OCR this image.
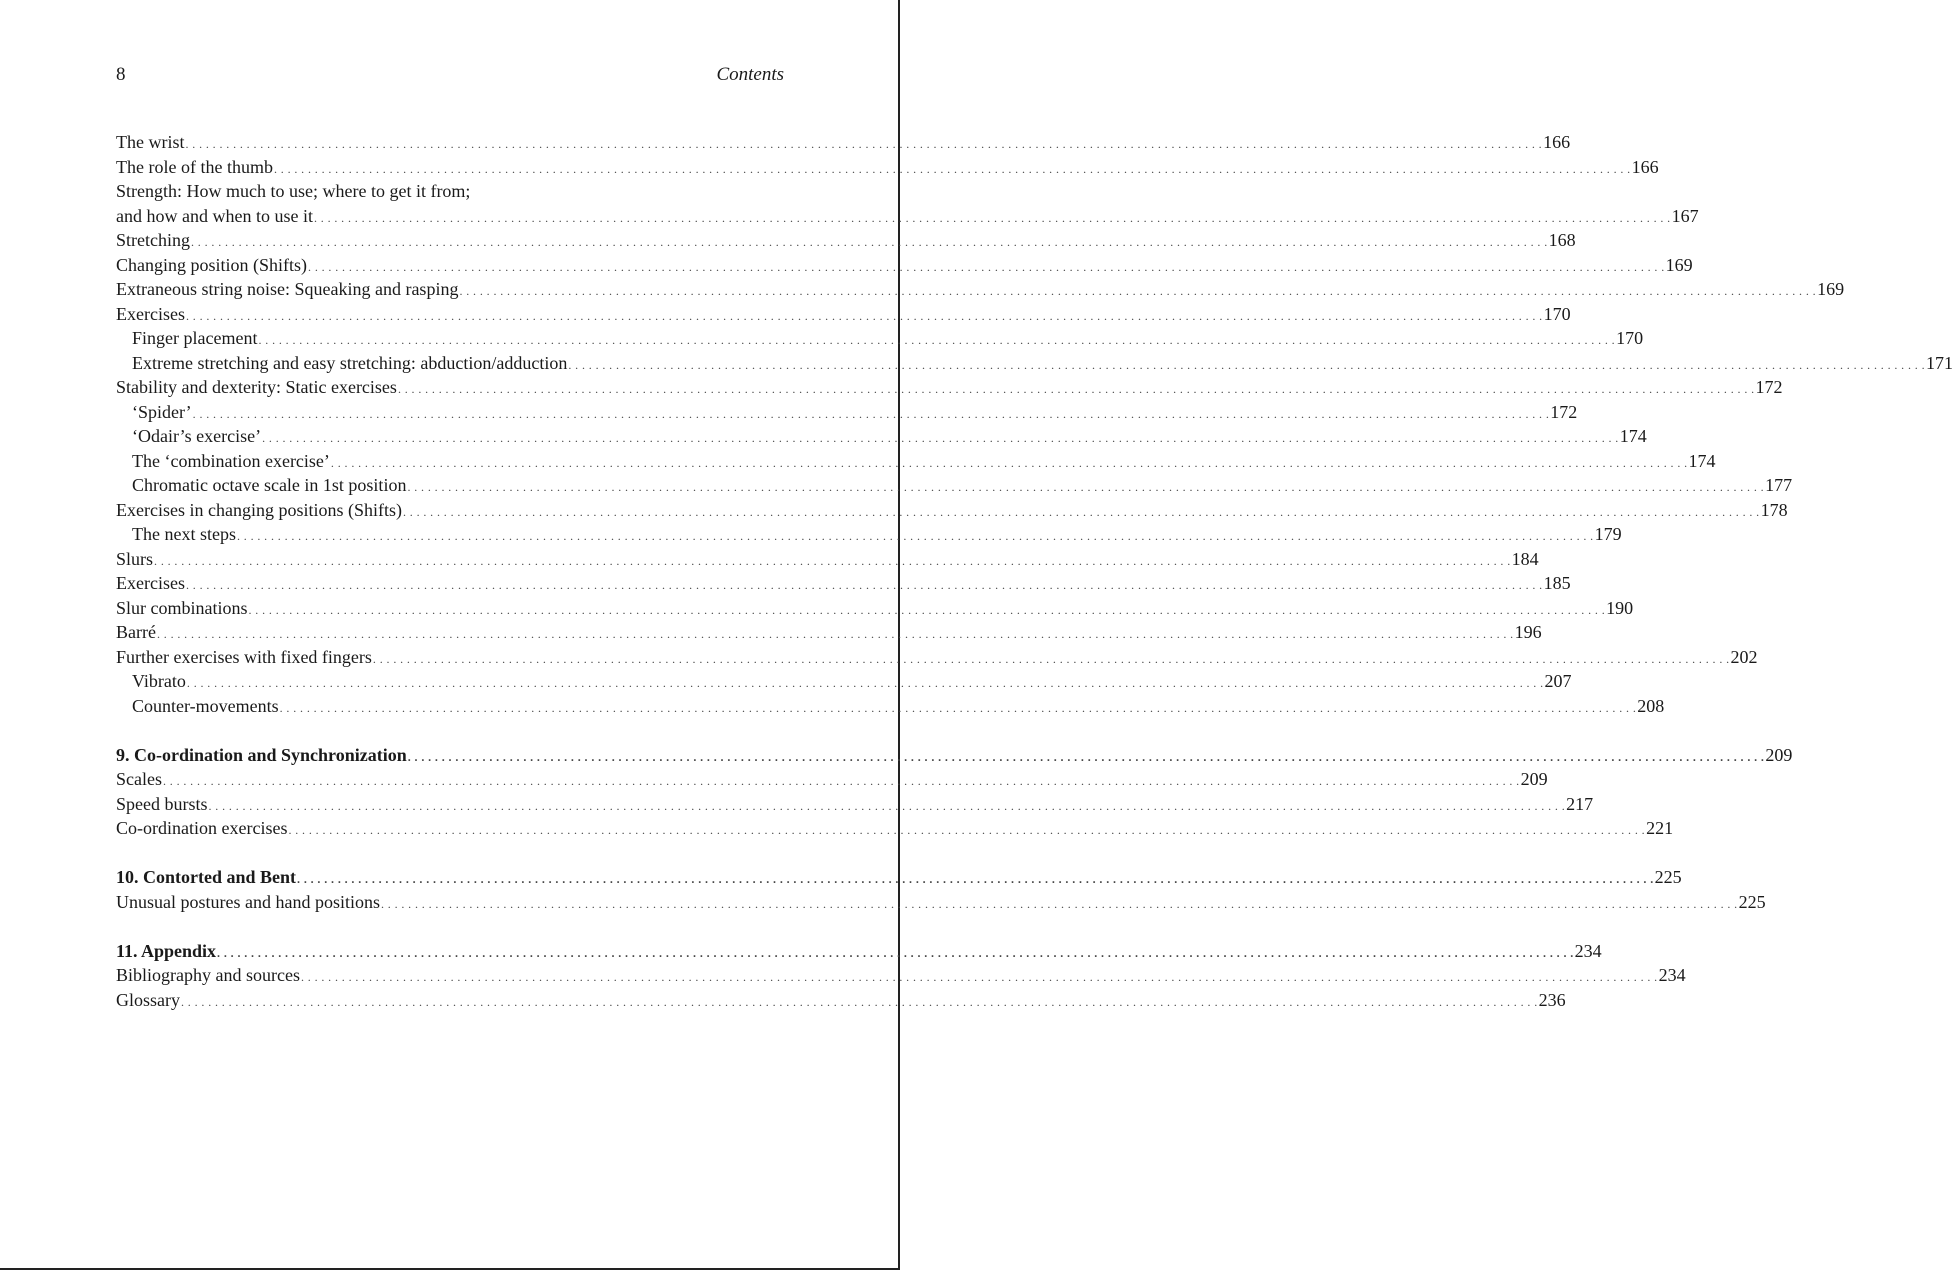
8	Contents
The wrist . . . . . . . . . . . . . . . . . . . . . . . . . . . . . . . . . . . . . . . . . . . . . . . . . . . . . . . . . . . . . . . . . . . . . . . . . . . . . . . . . . . . . . . . . . . . . . . . . . . . . . . . . . . . . . . . . . . . . . . . . . . . . . . . . . . . . . . . . . . . . . . . . . . . . . . . . . . . . . . . . . . . . . . . . . . . . . . . . . . . . . . . . . . . . . . . . . . . . . . . 166
The role of the thumb . . . . . . . . . . . . . . . . . . . . . . . . . . . . . . . . . . . . . . . . . . . . . . . . . . . . . . . . . . . . . . . . . . . . . . . . . . . . . . . . . . . . . . . . . . . . . . . . . . . . . . . . . . . . . . . . . . . . . . . . . . . . . . . . . . . . . . . . . . . . . . . . . . . . . . . . . . . . . . . . . . . . . . . . . . . . . . . . . . . . . . . . . . . . . . . . . . . . . . . . 166
Strength: How much to use; where to get it from;
and how and when to use it . . . . . . . . . . . . . . . . . . . . . . . . . . . . . . . . . . . . . . . . . . . . . . . . . . . . . . . . . . . . . . . . . . . . . . . . . . . . . . . . . . . . . . . . . . . . . . . . . . . . . . . . . . . . . . . . . . . . . . . . . . . . . . . . . . . . . . . . . . . . . . . . . . . . . . . . . . . . . . . . . . . . . . . . . . . . . . . . . . . . . . . . . . . . . . . . . . . . . . . . 167
Stretching . . . . . . . . . . . . . . . . . . . . . . . . . . . . . . . . . . . . . . . . . . . . . . . . . . . . . . . . . . . . . . . . . . . . . . . . . . . . . . . . . . . . . . . . . . . . . . . . . . . . . . . . . . . . . . . . . . . . . . . . . . . . . . . . . . . . . . . . . . . . . . . . . . . . . . . . . . . . . . . . . . . . . . . . . . . . . . . . . . . . . . . . . . . . . . . . . . . . . . . . 168
Changing position (Shifts) . . . . . . . . . . . . . . . . . . . . . . . . . . . . . . . . . . . . . . . . . . . . . . . . . . . . . . . . . . . . . . . . . . . . . . . . . . . . . . . . . . . . . . . . . . . . . . . . . . . . . . . . . . . . . . . . . . . . . . . . . . . . . . . . . . . . . . . . . . . . . . . . . . . . . . . . . . . . . . . . . . . . . . . . . . . . . . . . . . . . . . . . . . . . . . . . . . . . . . . . 169
Extraneous string noise: Squeaking and rasping . . . . . . . . . . . . . . . . . . . . . . . . . . . . . . . . . . . . . . . . . . . . . . . . . . . . . . . . . . . . . . . . . . . . . . . . . . . . . . . . . . . . . . . . . . . . . . . . . . . . . . . . . . . . . . . . . . . . . . . . . . . . . . . . . . . . . . . . . . . . . . . . . . . . . . . . . . . . . . . . . . . . . . . . . . . . . . . . . . . . . . . . . . . . . . . . . . . . . . . . 169
Exercises . . . . . . . . . . . . . . . . . . . . . . . . . . . . . . . . . . . . . . . . . . . . . . . . . . . . . . . . . . . . . . . . . . . . . . . . . . . . . . . . . . . . . . . . . . . . . . . . . . . . . . . . . . . . . . . . . . . . . . . . . . . . . . . . . . . . . . . . . . . . . . . . . . . . . . . . . . . . . . . . . . . . . . . . . . . . . . . . . . . . . . . . . . . . . . . . . . . . . . . . 170
Finger placement . . . . . . . . . . . . . . . . . . . . . . . . . . . . . . . . . . . . . . . . . . . . . . . . . . . . . . . . . . . . . . . . . . . . . . . . . . . . . . . . . . . . . . . . . . . . . . . . . . . . . . . . . . . . . . . . . . . . . . . . . . . . . . . . . . . . . . . . . . . . . . . . . . . . . . . . . . . . . . . . . . . . . . . . . . . . . . . . . . . . . . . . . . . . . . . . . . . . . . . . 170
Extreme stretching and easy stretching: abduction/adduction . . . . . . . . . . . . . . . . . . . . . . . . . . . . . . . . . . . . . . . . . . . . . . . . . . . . . . . . . . . . . . . . . . . . . . . . . . . . . . . . . . . . . . . . . . . . . . . . . . . . . . . . . . . . . . . . . . . . . . . . . . . . . . . . . . . . . . . . . . . . . . . . . . . . . . . . . . . . . . . . . . . . . . . . . . . . . . . . . . . . . . . . . . . . . . . . . . . . . . . . 171
Stability and dexterity: Static exercises . . . . . . . . . . . . . . . . . . . . . . . . . . . . . . . . . . . . . . . . . . . . . . . . . . . . . . . . . . . . . . . . . . . . . . . . . . . . . . . . . . . . . . . . . . . . . . . . . . . . . . . . . . . . . . . . . . . . . . . . . . . . . . . . . . . . . . . . . . . . . . . . . . . . . . . . . . . . . . . . . . . . . . . . . . . . . . . . . . . . . . . . . . . . . . . . . . . . . . . . 172
‘Spider’ . . . . . . . . . . . . . . . . . . . . . . . . . . . . . . . . . . . . . . . . . . . . . . . . . . . . . . . . . . . . . . . . . . . . . . . . . . . . . . . . . . . . . . . . . . . . . . . . . . . . . . . . . . . . . . . . . . . . . . . . . . . . . . . . . . . . . . . . . . . . . . . . . . . . . . . . . . . . . . . . . . . . . . . . . . . . . . . . . . . . . . . . . . . . . . . . . . . . . . . . 172
‘Odair’s exercise’ . . . . . . . . . . . . . . . . . . . . . . . . . . . . . . . . . . . . . . . . . . . . . . . . . . . . . . . . . . . . . . . . . . . . . . . . . . . . . . . . . . . . . . . . . . . . . . . . . . . . . . . . . . . . . . . . . . . . . . . . . . . . . . . . . . . . . . . . . . . . . . . . . . . . . . . . . . . . . . . . . . . . . . . . . . . . . . . . . . . . . . . . . . . . . . . . . . . . . . . . 174
The ‘combination exercise’ . . . . . . . . . . . . . . . . . . . . . . . . . . . . . . . . . . . . . . . . . . . . . . . . . . . . . . . . . . . . . . . . . . . . . . . . . . . . . . . . . . . . . . . . . . . . . . . . . . . . . . . . . . . . . . . . . . . . . . . . . . . . . . . . . . . . . . . . . . . . . . . . . . . . . . . . . . . . . . . . . . . . . . . . . . . . . . . . . . . . . . . . . . . . . . . . . . . . . . . . 174
Chromatic octave scale in 1st position . . . . . . . . . . . . . . . . . . . . . . . . . . . . . . . . . . . . . . . . . . . . . . . . . . . . . . . . . . . . . . . . . . . . . . . . . . . . . . . . . . . . . . . . . . . . . . . . . . . . . . . . . . . . . . . . . . . . . . . . . . . . . . . . . . . . . . . . . . . . . . . . . . . . . . . . . . . . . . . . . . . . . . . . . . . . . . . . . . . . . . . . . . . . . . . . . . . . . . . . 177
Exercises in changing positions (Shifts) . . . . . . . . . . . . . . . . . . . . . . . . . . . . . . . . . . . . . . . . . . . . . . . . . . . . . . . . . . . . . . . . . . . . . . . . . . . . . . . . . . . . . . . . . . . . . . . . . . . . . . . . . . . . . . . . . . . . . . . . . . . . . . . . . . . . . . . . . . . . . . . . . . . . . . . . . . . . . . . . . . . . . . . . . . . . . . . . . . . . . . . . . . . . . . . . . . . . . . . . 178
The next steps . . . . . . . . . . . . . . . . . . . . . . . . . . . . . . . . . . . . . . . . . . . . . . . . . . . . . . . . . . . . . . . . . . . . . . . . . . . . . . . . . . . . . . . . . . . . . . . . . . . . . . . . . . . . . . . . . . . . . . . . . . . . . . . . . . . . . . . . . . . . . . . . . . . . . . . . . . . . . . . . . . . . . . . . . . . . . . . . . . . . . . . . . . . . . . . . . . . . . . . . 179
Slurs . . . . . . . . . . . . . . . . . . . . . . . . . . . . . . . . . . . . . . . . . . . . . . . . . . . . . . . . . . . . . . . . . . . . . . . . . . . . . . . . . . . . . . . . . . . . . . . . . . . . . . . . . . . . . . . . . . . . . . . . . . . . . . . . . . . . . . . . . . . . . . . . . . . . . . . . . . . . . . . . . . . . . . . . . . . . . . . . . . . . . . . . . . . . . . . . . . . . . . . . 184
Exercises . . . . . . . . . . . . . . . . . . . . . . . . . . . . . . . . . . . . . . . . . . . . . . . . . . . . . . . . . . . . . . . . . . . . . . . . . . . . . . . . . . . . . . . . . . . . . . . . . . . . . . . . . . . . . . . . . . . . . . . . . . . . . . . . . . . . . . . . . . . . . . . . . . . . . . . . . . . . . . . . . . . . . . . . . . . . . . . . . . . . . . . . . . . . . . . . . . . . . . . . 185
Slur combinations . . . . . . . . . . . . . . . . . . . . . . . . . . . . . . . . . . . . . . . . . . . . . . . . . . . . . . . . . . . . . . . . . . . . . . . . . . . . . . . . . . . . . . . . . . . . . . . . . . . . . . . . . . . . . . . . . . . . . . . . . . . . . . . . . . . . . . . . . . . . . . . . . . . . . . . . . . . . . . . . . . . . . . . . . . . . . . . . . . . . . . . . . . . . . . . . . . . . . . . . 190
Barré . . . . . . . . . . . . . . . . . . . . . . . . . . . . . . . . . . . . . . . . . . . . . . . . . . . . . . . . . . . . . . . . . . . . . . . . . . . . . . . . . . . . . . . . . . . . . . . . . . . . . . . . . . . . . . . . . . . . . . . . . . . . . . . . . . . . . . . . . . . . . . . . . . . . . . . . . . . . . . . . . . . . . . . . . . . . . . . . . . . . . . . . . . . . . . . . . . . . . . . . 196
Further exercises with fixed fingers . . . . . . . . . . . . . . . . . . . . . . . . . . . . . . . . . . . . . . . . . . . . . . . . . . . . . . . . . . . . . . . . . . . . . . . . . . . . . . . . . . . . . . . . . . . . . . . . . . . . . . . . . . . . . . . . . . . . . . . . . . . . . . . . . . . . . . . . . . . . . . . . . . . . . . . . . . . . . . . . . . . . . . . . . . . . . . . . . . . . . . . . . . . . . . . . . . . . . . . . 202
Vibrato . . . . . . . . . . . . . . . . . . . . . . . . . . . . . . . . . . . . . . . . . . . . . . . . . . . . . . . . . . . . . . . . . . . . . . . . . . . . . . . . . . . . . . . . . . . . . . . . . . . . . . . . . . . . . . . . . . . . . . . . . . . . . . . . . . . . . . . . . . . . . . . . . . . . . . . . . . . . . . . . . . . . . . . . . . . . . . . . . . . . . . . . . . . . . . . . . . . . . . . . 207
Counter-movements . . . . . . . . . . . . . . . . . . . . . . . . . . . . . . . . . . . . . . . . . . . . . . . . . . . . . . . . . . . . . . . . . . . . . . . . . . . . . . . . . . . . . . . . . . . . . . . . . . . . . . . . . . . . . . . . . . . . . . . . . . . . . . . . . . . . . . . . . . . . . . . . . . . . . . . . . . . . . . . . . . . . . . . . . . . . . . . . . . . . . . . . . . . . . . . . . . . . . . . . 208
9. Co-ordination and Synchronization . . . . . . . . . . . . . . . . . . . . . . . . . . . . . . . . . . . . . . . . . . . . . . . . . . . . . . . . . . . . . . . . . . . . . . . . . . . . . . . . . . . . . . . . . . . . . . . . . . . . . . . . . . . . . . . . . . . . . . . . . . . . . . . . . . . . . . . . . . . . . . . . . . . . . . . . . . . . . . . . . . . . . . . . . . . . . . . . . . . . . . . . . . . . . . . . . . . . . . . . 209
Scales . . . . . . . . . . . . . . . . . . . . . . . . . . . . . . . . . . . . . . . . . . . . . . . . . . . . . . . . . . . . . . . . . . . . . . . . . . . . . . . . . . . . . . . . . . . . . . . . . . . . . . . . . . . . . . . . . . . . . . . . . . . . . . . . . . . . . . . . . . . . . . . . . . . . . . . . . . . . . . . . . . . . . . . . . . . . . . . . . . . . . . . . . . . . . . . . . . . . . . . . 209
Speed bursts . . . . . . . . . . . . . . . . . . . . . . . . . . . . . . . . . . . . . . . . . . . . . . . . . . . . . . . . . . . . . . . . . . . . . . . . . . . . . . . . . . . . . . . . . . . . . . . . . . . . . . . . . . . . . . . . . . . . . . . . . . . . . . . . . . . . . . . . . . . . . . . . . . . . . . . . . . . . . . . . . . . . . . . . . . . . . . . . . . . . . . . . . . . . . . . . . . . . . . . . 217
Co-ordination exercises . . . . . . . . . . . . . . . . . . . . . . . . . . . . . . . . . . . . . . . . . . . . . . . . . . . . . . . . . . . . . . . . . . . . . . . . . . . . . . . . . . . . . . . . . . . . . . . . . . . . . . . . . . . . . . . . . . . . . . . . . . . . . . . . . . . . . . . . . . . . . . . . . . . . . . . . . . . . . . . . . . . . . . . . . . . . . . . . . . . . . . . . . . . . . . . . . . . . . . . . 221
10. Contorted and Bent . . . . . . . . . . . . . . . . . . . . . . . . . . . . . . . . . . . . . . . . . . . . . . . . . . . . . . . . . . . . . . . . . . . . . . . . . . . . . . . . . . . . . . . . . . . . . . . . . . . . . . . . . . . . . . . . . . . . . . . . . . . . . . . . . . . . . . . . . . . . . . . . . . . . . . . . . . . . . . . . . . . . . . . . . . . . . . . . . . . . . . . . . . . . . . . . . . . . . . . . 225
Unusual postures and hand positions . . . . . . . . . . . . . . . . . . . . . . . . . . . . . . . . . . . . . . . . . . . . . . . . . . . . . . . . . . . . . . . . . . . . . . . . . . . . . . . . . . . . . . . . . . . . . . . . . . . . . . . . . . . . . . . . . . . . . . . . . . . . . . . . . . . . . . . . . . . . . . . . . . . . . . . . . . . . . . . . . . . . . . . . . . . . . . . . . . . . . . . . . . . . . . . . . . . . . . . . 225
11. Appendix . . . . . . . . . . . . . . . . . . . . . . . . . . . . . . . . . . . . . . . . . . . . . . . . . . . . . . . . . . . . . . . . . . . . . . . . . . . . . . . . . . . . . . . . . . . . . . . . . . . . . . . . . . . . . . . . . . . . . . . . . . . . . . . . . . . . . . . . . . . . . . . . . . . . . . . . . . . . . . . . . . . . . . . . . . . . . . . . . . . . . . . . . . . . . . . . . . . . . . . . 234
Bibliography and sources . . . . . . . . . . . . . . . . . . . . . . . . . . . . . . . . . . . . . . . . . . . . . . . . . . . . . . . . . . . . . . . . . . . . . . . . . . . . . . . . . . . . . . . . . . . . . . . . . . . . . . . . . . . . . . . . . . . . . . . . . . . . . . . . . . . . . . . . . . . . . . . . . . . . . . . . . . . . . . . . . . . . . . . . . . . . . . . . . . . . . . . . . . . . . . . . . . . . . . . . 234
Glossary . . . . . . . . . . . . . . . . . . . . . . . . . . . . . . . . . . . . . . . . . . . . . . . . . . . . . . . . . . . . . . . . . . . . . . . . . . . . . . . . . . . . . . . . . . . . . . . . . . . . . . . . . . . . . . . . . . . . . . . . . . . . . . . . . . . . . . . . . . . . . . . . . . . . . . . . . . . . . . . . . . . . . . . . . . . . . . . . . . . . . . . . . . . . . . . . . . . . . . . . 236
